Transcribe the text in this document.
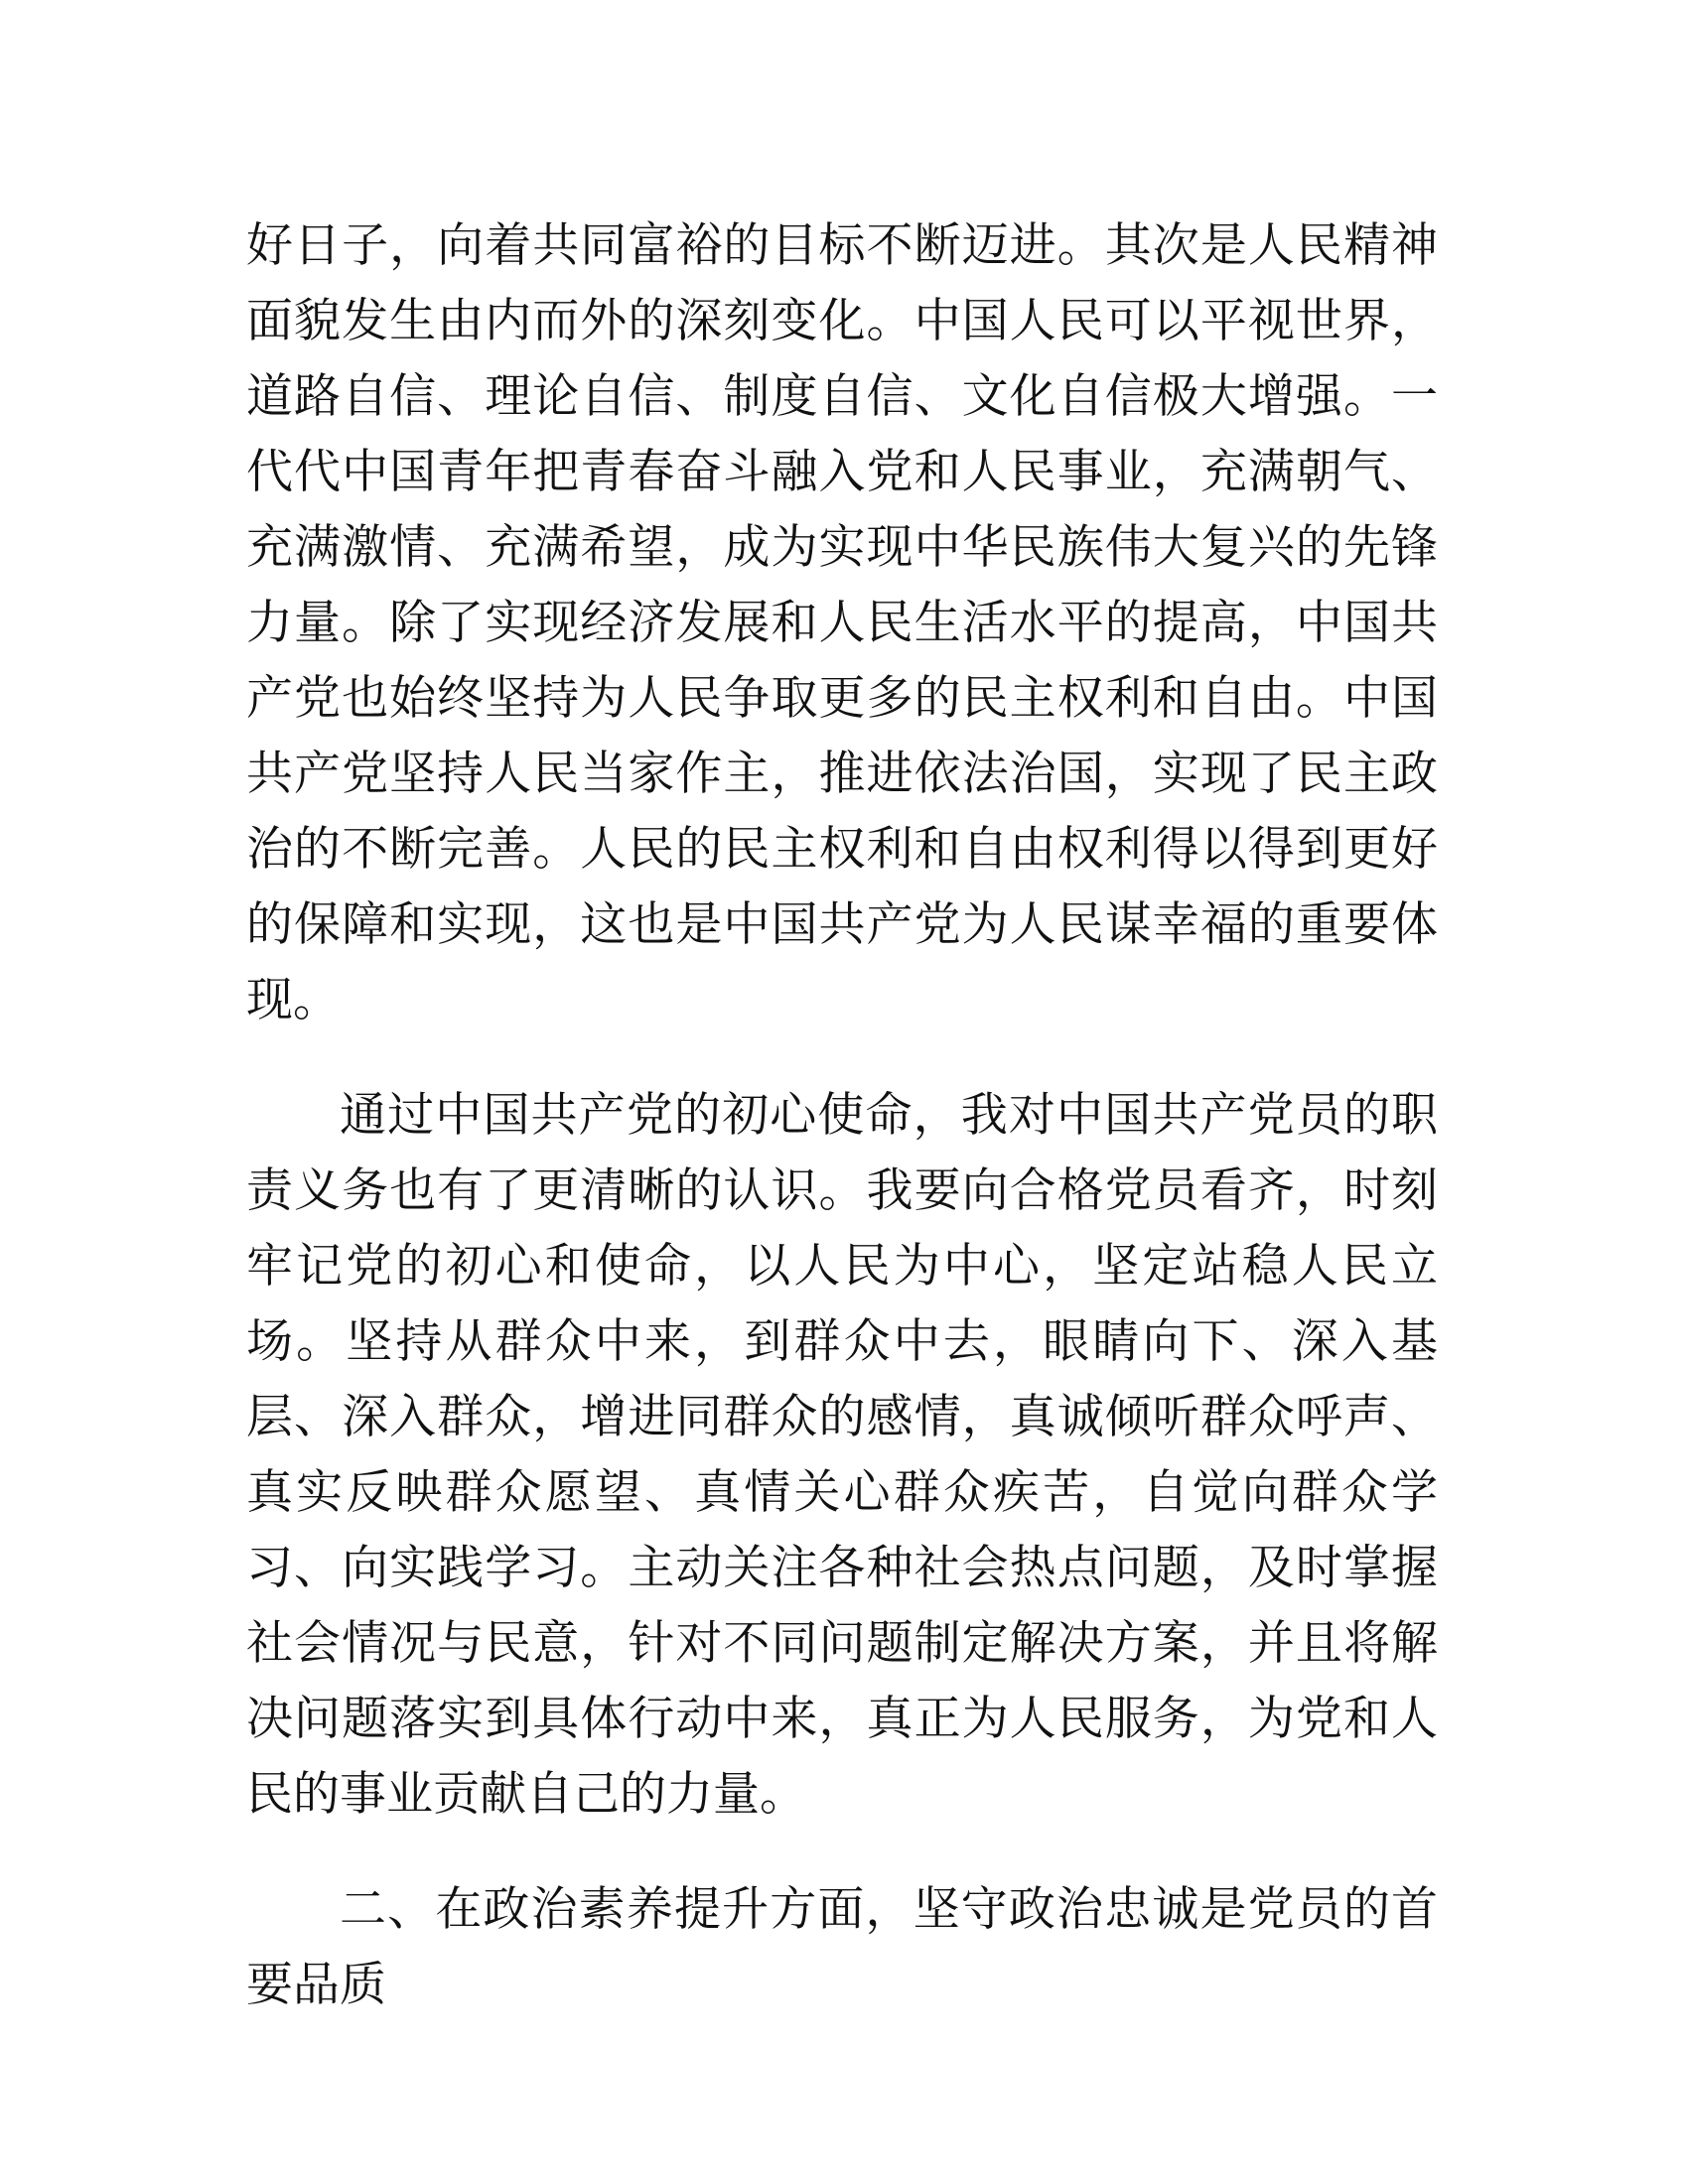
好日子，向着共同富裕的目标不断迈进。其次是人民精神面貌发生由内而外的深刻变化。中国人民可以平视世界，道路自信、理论自信、制度自信、文化自信极大增强。一代代中国青年把青春奋斗融入党和人民事业，充满朝气、充满激情、充满希望，成为实现中华民族伟大复兴的先锋力量。除了实现经济发展和人民生活水平的提高，中国共产党也始终坚持为人民争取更多的民主权利和自由。中国共产党坚持人民当家作主，推进依法治国，实现了民主政治的不断完善。人民的民主权利和自由权利得以得到更好的保障和实现，这也是中国共产党为人民谋幸福的重要体现。

通过中国共产党的初心使命，我对中国共产党员的职责义务也有了更清晰的认识。我要向合格党员看齐，时刻牢记党的初心和使命，以人民为中心，坚定站稳人民立场。坚持从群众中来，到群众中去，眼睛向下、深入基层、深入群众，增进同群众的感情，真诚倾听群众呼声、真实反映群众愿望、真情关心群众疾苦，自觉向群众学习、向实践学习。主动关注各种社会热点问题，及时掌握社会情况与民意，针对不同问题制定解决方案，并且将解决问题落实到具体行动中来，真正为人民服务，为党和人民的事业贡献自己的力量。

二、在政治素养提升方面，坚守政治忠诚是党员的首要品质
